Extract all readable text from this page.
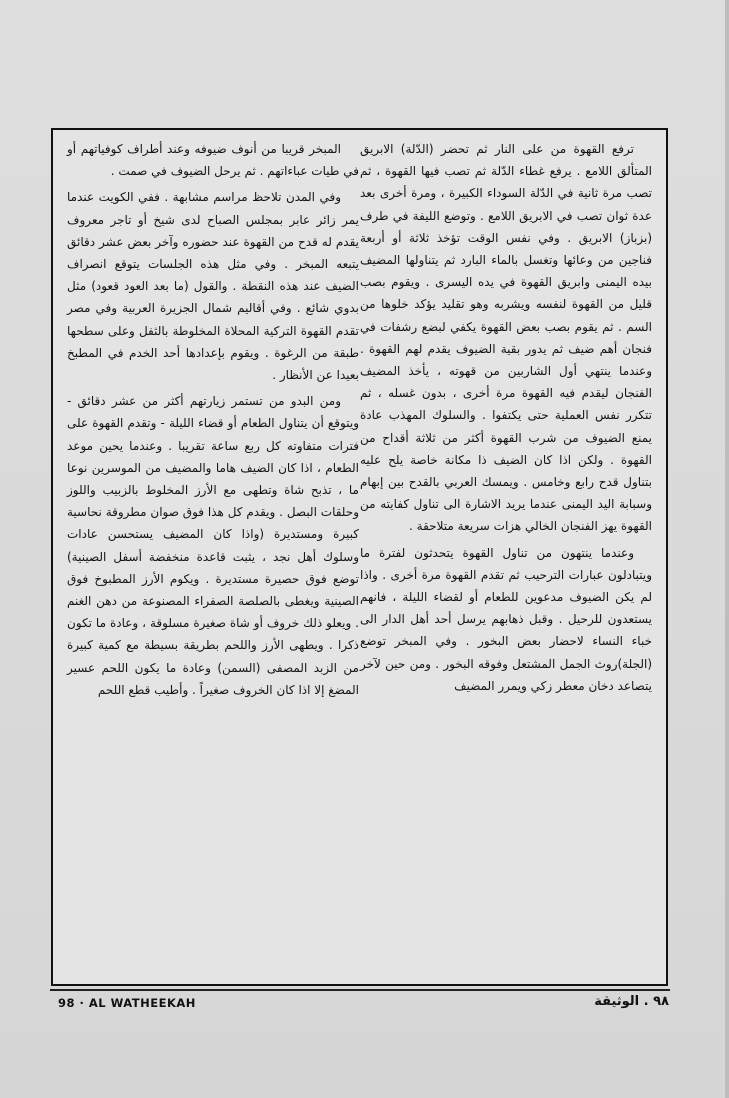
ترفع القهوة من على النار ثم تحضر (الدّلة) الابريق المتألق اللامع . يرفع غطاء الدّلة ثم تصب فيها القهوة ، ثم تصب مرة ثانية في الدّلة السوداء الكبيرة ، ومرة أخرى بعد عدة ثوان تصب في الابريق اللامع . وتوضع الليفة في طرف (بزباز) الابريق . وفي نفس الوقت تؤخذ ثلاثة أو أربعة فناجين من وعائها وتغسل بالماء البارد ثم يتناولها المضيف بيده اليمنى وابريق القهوة في يده اليسرى . ويقوم بصب قليل من القهوة لنفسه ويشربه وهو تقليد يؤكد خلوها من السم . ثم يقوم بصب بعض القهوة يكفي لبضع رشفات في فنجان أهم ضيف ثم يدور بقية الضيوف يقدم لهم القهوة . وعندما ينتهي أول الشاربين من قهوته ، يأخذ المضيف الفنجان ليقدم فيه القهوة مرة أخرى ، بدون غسله ، ثم تتكرر نفس العملية حتى يكتفوا . والسلوك المهذب عادة يمنع الضيوف من شرب القهوة أكثر من ثلاثة أقداح من القهوة . ولكن اذا كان الضيف ذا مكانة خاصة يلح عليه بتناول قدح رابع وخامس . ويمسك العربي بالقدح بين إبهام وسبابة اليد اليمنى عندما يريد الاشارة الى تناول كفايته من القهوة يهز الفنجان الخالي هزات سريعة متلاحقة .

وعندما ينتهون من تناول القهوة يتحدثون لفترة ما ويتبادلون عبارات الترحيب ثم تقدم القهوة مرة أخرى . واذا لم يكن الضيوف مدعوين للطعام أو لقضاء الليلة ، فانهم يستعدون للرحيل . وقبل ذهابهم يرسل أحد أهل الدار الى خباء النساء لاحضار بعض البخور . وفي المبخر توضع (الجلة)روث الجمل المشتعل وفوقه البخور . ومن حين لآخر يتصاعد دخان معطر زكي ويمرر المضيف

المبخر قريبا من أنوف ضيوفه وعند أطراف كوفياتهم أو في طيات عباءاتهم . ثم يرحل الضيوف في صمت .

وفي المدن تلاحظ مراسم مشابهة . ففي الكويت عندما يمر زائر عابر بمجلس الصباح لدى شيخ أو تاجر معروف يقدم له قدح من القهوة عند حضوره وآخر بعض عشر دقائق يتبعه المبخر . وفي مثل هذه الجلسات يتوقع انصراف الضيف عند هذه النقطة . والقول (ما بعد العود قعود) مثل بدوي شائع . وفي أقاليم شمال الجزيرة العربية وفي مصر تقدم القهوة التركية المحلاة المخلوطة بالثفل وعلى سطحها طبقة من الرغوة . ويقوم بإعدادها أحد الخدم في المطبخ بعيدا عن الأنظار .

ومن البدو من تستمر زيارتهم أكثر من عشر دقائق - ويتوقع أن يتناول الطعام أو قضاء الليلة - وتقدم القهوة على فترات متفاوته كل ربع ساعة تقريبا . وعندما يحين موعد الطعام ، اذا كان الضيف هاما والمضيف من الموسرين نوعا ما ، تذبح شاة وتطهى مع الأرز المخلوط بالزبيب واللوز وحلقات البصل . ويقدم كل هذا فوق صوان مطروقة نحاسية كبيرة ومستديرة (واذا كان المضيف يستحسن عادات وسلوك أهل نجد ، يثبت قاعدة منخفضة أسفل الصينية) توضع فوق حصيرة مستديرة . ويكوم الأرز المطبوخ فوق الصينية ويغطى بالصلصة الصفراء المصنوعة من دهن الغنم . ويعلو ذلك خروف أو شاة صغيرة مسلوقة ، وعادة ما تكون ذكرا . ويطهى الأرز واللحم بطريقة بسيطة مع كمية كبيرة من الزبد المصفى (السمن) وعادة ما يكون اللحم عسير المضغ إلا اذا كان الخروف صغيراً . وأطيب قطع اللحم

98 · AL WATHEEKAH	٩٨ . الوثيقة
